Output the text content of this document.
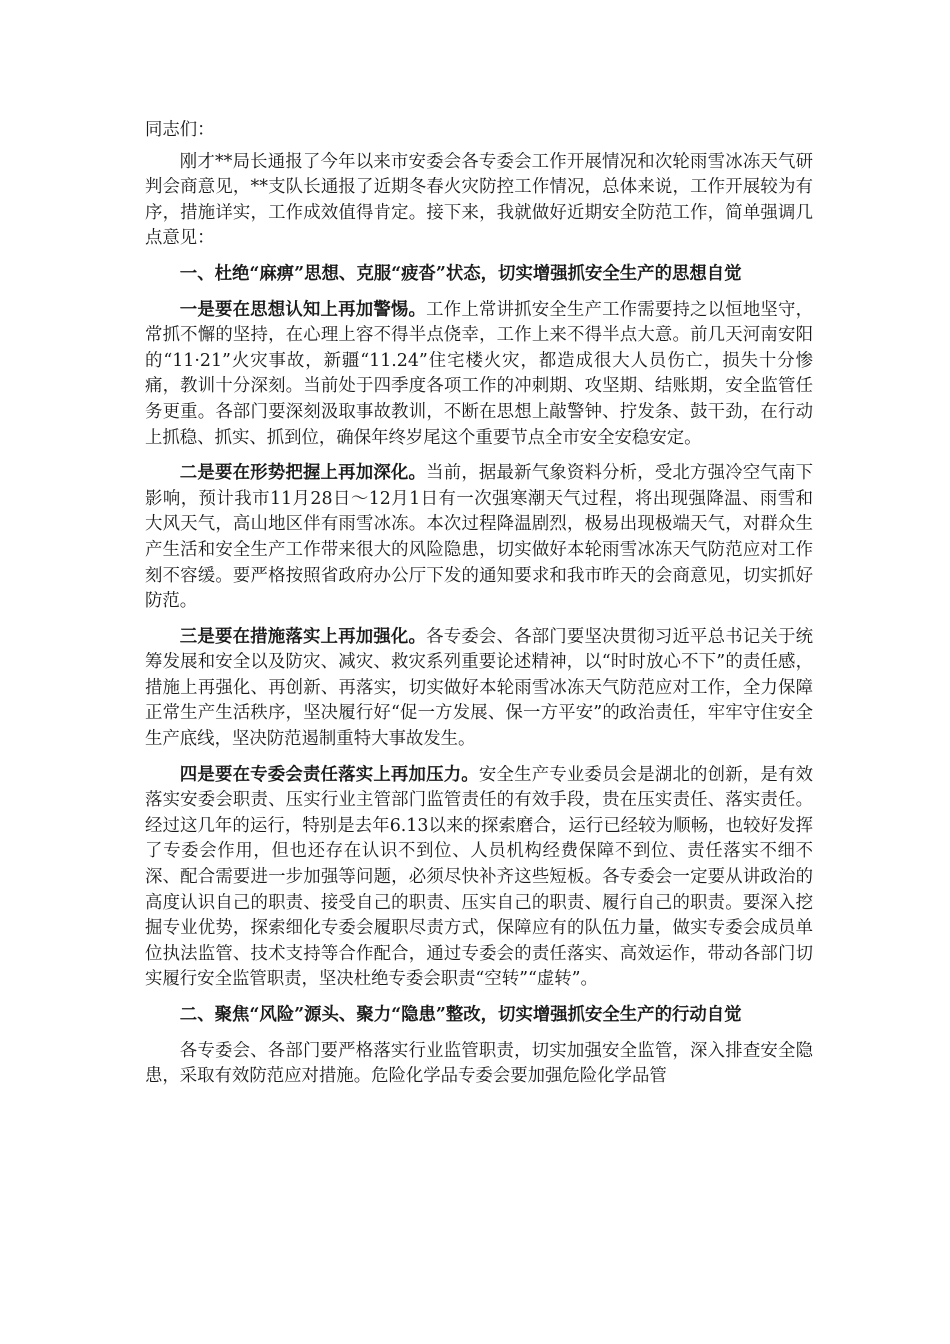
同志们：

刚才**局长通报了今年以来市安委会各专委会工作开展情况和次轮雨雪冰冻天气研判会商意见，**支队长通报了近期冬春火灾防控工作情况，总体来说，工作开展较为有序，措施详实，工作成效值得肯定。接下来，我就做好近期安全防范工作，简单强调几点意见：

一、杜绝“麻痹”思想、克服“疲沓”状态，切实增强抓安全生产的思想自觉

一是要在思想认知上再加警惕。工作上常讲抓安全生产工作需要持之以恒地坚守，常抓不懈的坚持，在心理上容不得半点侥幸，工作上来不得半点大意。前几天河南安阳的“11·21”火灾事故，新疆“11.24”住宅楼火灾，都造成很大人员伤亡，损失十分惨痛，教训十分深刻。当前处于四季度各项工作的冲刺期、攻坚期、结账期，安全监管任务更重。各部门要深刻汲取事故教训，不断在思想上敲警钟、拧发条、鼓干劲，在行动上抓稳、抓实、抓到位，确保年终岁尾这个重要节点全市安全安稳安定。

二是要在形势把握上再加深化。当前，据最新气象资料分析，受北方强冷空气南下影响，预计我市11月28日～12月1日有一次强寒潮天气过程，将出现强降温、雨雪和大风天气，高山地区伴有雨雪冰冻。本次过程降温剧烈，极易出现极端天气，对群众生产生活和安全生产工作带来很大的风险隐患，切实做好本轮雨雪冰冻天气防范应对工作刻不容缓。要严格按照省政府办公厅下发的通知要求和我市昨天的会商意见，切实抓好防范。

三是要在措施落实上再加强化。各专委会、各部门要坚决贯彻习近平总书记关于统筹发展和安全以及防灾、减灾、救灾系列重要论述精神，以“时时放心不下”的责任感，措施上再强化、再创新、再落实，切实做好本轮雨雪冰冻天气防范应对工作，全力保障正常生产生活秩序，坚决履行好“促一方发展、保一方平安”的政治责任，牢牢守住安全生产底线，坚决防范遏制重特大事故发生。

四是要在专委会责任落实上再加压力。安全生产专业委员会是湖北的创新，是有效落实安委会职责、压实行业主管部门监管责任的有效手段，贵在压实责任、落实责任。经过这几年的运行，特别是去年6.13以来的探索磨合，运行已经较为顺畅，也较好发挥了专委会作用，但也还存在认识不到位、人员机构经费保障不到位、责任落实不细不深、配合需要进一步加强等问题，必须尽快补齐这些短板。各专委会一定要从讲政治的高度认识自己的职责、接受自己的职责、压实自己的职责、履行自己的职责。要深入挖掘专业优势，探索细化专委会履职尽责方式，保障应有的队伍力量，做实专委会成员单位执法监管、技术支持等合作配合，通过专委会的责任落实、高效运作，带动各部门切实履行安全监管职责，坚决杜绝专委会职责“空转”“虚转”。

二、聚焦“风险”源头、聚力“隐患”整改，切实增强抓安全生产的行动自觉

各专委会、各部门要严格落实行业监管职责，切实加强安全监管，深入排查安全隐患，采取有效防范应对措施。危险化学品专委会要加强危险化学品管
